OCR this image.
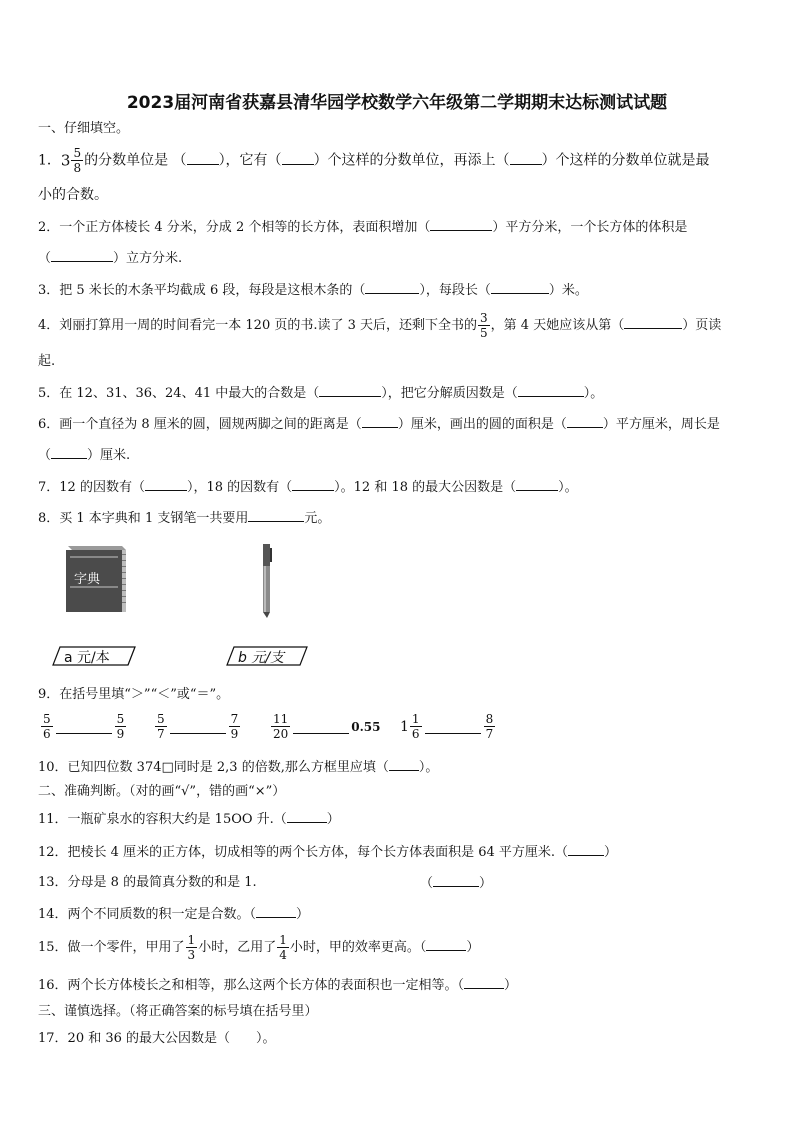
2023届河南省获嘉县清华园学校数学六年级第二学期期末达标测试试题
一、仔细填空。
1．$3 \frac{5}{8}$ 的分数单位是 （ ），它有（ ）个这样的分数单位，再添上（ ）个这样的分数单位就是最
小的合数。
2．一个正方体棱长 4 分米，分成 2 个相等的长方体，表面积增加（	）平方分米，一个长方体的体积是
（	）立方分米.
3．把 5 米长的木条平均截成 6 段，每段是这根木条的（	），每段长（	）米。
4．刘丽打算用一周的时间看完一本 120 页的书.读了 3 天后，还剩下全书的 $\frac{3}{5}$ ，第 4 天她应该从第（	）页读
起.
5．在 12、31、36、24、41 中最大的合数是（	），把它分解质因数是（	）。
6．画一个直径为 8 厘米的圆，圆规两脚之间的距离是（	）厘米，画出的圆的面积是（	）平方厘米，周长是
（	）厘米.
7．12 的因数有（	），18 的因数有（	）。12 和 18 的最大公因数是（	）。
8．买 1 本字典和 1 支钢笔一共要用	元。
字典
a 元/本	b 元/支
9．在括号里填“＞”“＜”或“＝”。
$\frac{5}{6}$	$\frac{5}{9} \frac{5}{7}$	$\frac{7}{9}$	$\frac{11}{20}$	0.55 $1 \frac{1}{6}$	$\frac{8}{7}$
10．已知四位数 374□同时是 2,3 的倍数,那么方框里应填（ ）。
二、准确判断。（对的画“√”，错的画“×”）
11．一瓶矿泉水的容积大约是 15OO 升.（	）
12．把棱长 4 厘米的正方体，切成相等的两个长方体，每个长方体表面积是 64 平方厘米.（	）
13．分母是 8 的最简真分数的和是 1.	（	）
14．两个不同质数的积一定是合数。（	）
15．做一个零件，甲用了 $\frac{1}{3}$ 小时，乙用了 $\frac{1}{4}$ 小时，甲的效率更高。（	）
16．两个长方体棱长之和相等，那么这两个长方体的表面积也一定相等。（	）
三、谨慎选择。（将正确答案的标号填在括号里）
17．20 和 36 的最大公因数是（　　）。
